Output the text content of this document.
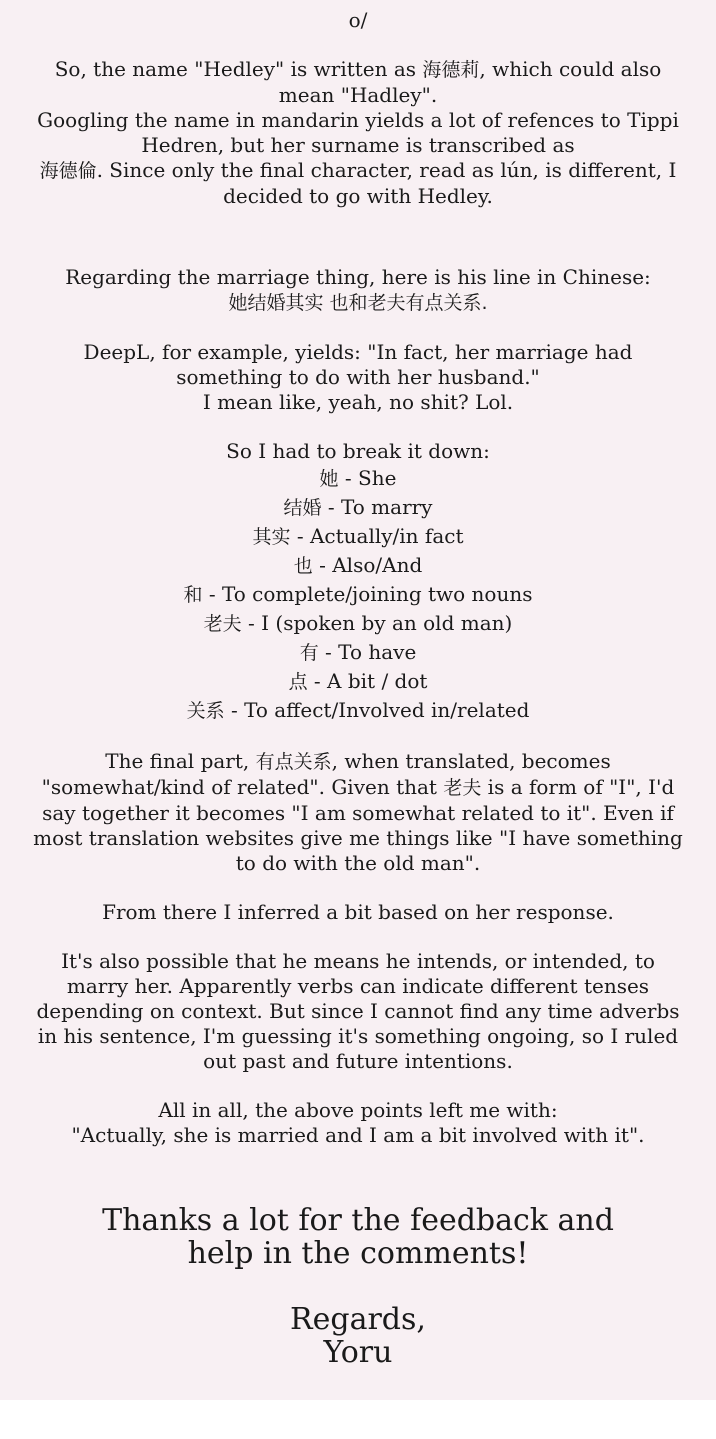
o/

So, the name "Hedley" is written as 海德莉, which could also mean "Hadley".

Googling the name in mandarin yields a lot of refences to Tippi Hedren, but her surname is transcribed as

海德倫. Since only the final character, read as lún, is different, I decided to go with Hedley.

Regarding the marriage thing, here is his line in Chinese:

她结婚其实 也和老夫有点关系.

DeepL, for example, yields: "In fact, her marriage had something to do with her husband."

I mean like, yeah, no shit? Lol.

So I had to break it down:

她 - She

结婚 - To marry

其实 - Actually/in fact

也 - Also/And

和 - To complete/joining two nouns

老夫 - I (spoken by an old man)

有 - To have

点 - A bit / dot

关系 - To affect/Involved in/related

The final part, 有点关系, when translated, becomes "somewhat/kind of related". Given that 老夫 is a form of "I", I'd say together it becomes "I am somewhat related to it". Even if most translation websites give me things like "I have something to do with the old man".

From there I inferred a bit based on her response.

It's also possible that he means he intends, or intended, to marry her. Apparently verbs can indicate different tenses depending on context. But since I cannot find any time adverbs in his sentence, I'm guessing it's something ongoing, so I ruled out past and future intentions.

All in all, the above points left me with:

"Actually, she is married and I am a bit involved with it".

Thanks a lot for the feedback and help in the comments!

Regards,

Yoru
